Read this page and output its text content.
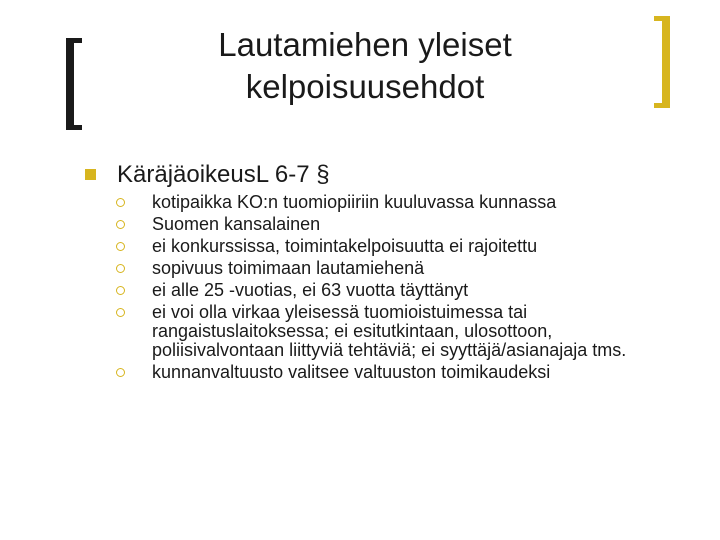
Lautamiehen yleiset
kelpoisuusehdot
Käräjäoikeus​L 6-7 §
kotipaikka KO:n tuomiopiiriin kuuluvassa kunnassa
Suomen kansalainen
ei konkurssissa, toimintakelpoisuutta ei rajoitettu
sopivuus toimimaan lautamiehenä
ei alle 25 -vuotias, ei 63 vuotta täyttänyt
ei voi olla virkaa yleisessä tuomioistuimessa tai rangaistuslaitoksessa; ei esitutkintaan, ulosottoon, poliisivalvontaan liittyviä tehtäviä; ei syyttäjä/asianajaja tms.
kunnanvaltuusto valitsee valtuuston toimikaudeksi
